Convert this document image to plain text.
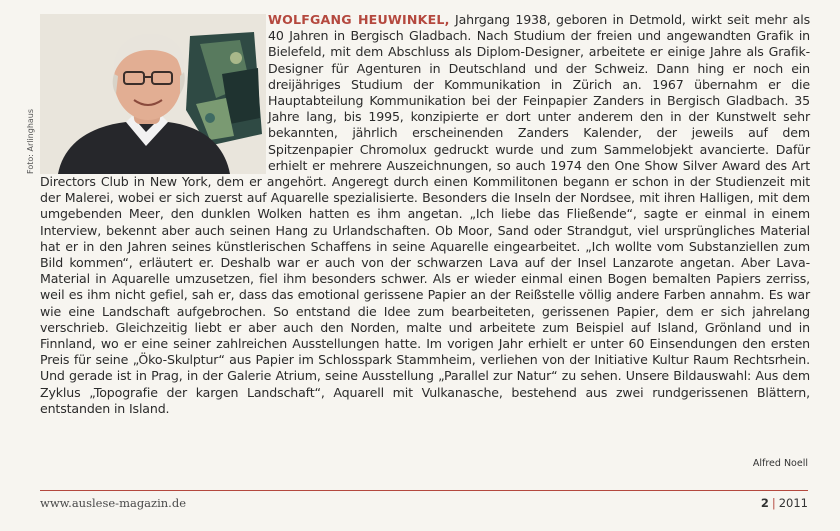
Foto: Arlinghaus

WOLFGANG HEUWINKEL, Jahrgang 1938, geboren in Detmold, wirkt seit mehr als 40 Jahren in Bergisch Gladbach. Nach Studium der freien und angewandten Grafik in Bielefeld, mit dem Abschluss als Diplom-Designer, arbeitete er einige Jahre als Grafik-Designer für Agenturen in Deutschland und der Schweiz. Dann hing er noch ein dreijähriges Studium der Kommunikation in Zürich an. 1967 übernahm er die Hauptabteilung Kommunikation bei der Feinpapier Zanders in Bergisch Gladbach. 35 Jahre lang, bis 1995, konzipierte er dort unter anderem den in der Kunstwelt sehr bekannten, jährlich erscheinenden Zanders Kalender, der jeweils auf dem Spitzenpapier Chromolux gedruckt wurde und zum Sammelobjekt avancierte. Dafür erhielt er mehrere Auszeichnungen, so auch 1974 den One Show Silver Award des Art Directors Club in New York, dem er angehört. Angeregt durch einen Kommilitonen begann er schon in der Studienzeit mit der Malerei, wobei er sich zuerst auf Aquarelle spezialisierte. Besonders die Inseln der Nordsee, mit ihren Halligen, mit dem umgebenden Meer, den dunklen Wolken hatten es ihm angetan. „Ich liebe das Fließende“, sagte er einmal in einem Interview, bekennt aber auch seinen Hang zu Urlandschaften. Ob Moor, Sand oder Strandgut, viel ursprüngliches Material hat er in den Jahren seines künstlerischen Schaffens in seine Aquarelle eingearbeitet. „Ich wollte vom Substanziellen zum Bild kommen“, erläutert er. Deshalb war er auch von der schwarzen Lava auf der Insel Lanzarote angetan. Aber Lava-Material in Aquarelle umzusetzen, fiel ihm besonders schwer. Als er wieder einmal einen Bogen bemalten Papiers zerriss, weil es ihm nicht gefiel, sah er, dass das emotional gerissene Papier an der Reißstelle völlig andere Farben annahm. Es war wie eine Landschaft aufgebrochen. So entstand die Idee zum bearbeiteten, gerissenen Papier, dem er sich jahrelang verschrieb. Gleichzeitig liebt er aber auch den Norden, malte und arbeitete zum Beispiel auf Island, Grönland und in Finnland, wo er eine seiner zahlreichen Ausstellungen hatte. Im vorigen Jahr erhielt er unter 60 Einsendungen den ersten Preis für seine „Öko-Skulptur“ aus Papier im Schlosspark Stammheim, verliehen von der Initiative Kultur Raum Rechtsrhein. Und gerade ist in Prag, in der Galerie Atrium, seine Ausstellung „Parallel zur Natur“ zu sehen. Unsere Bildauswahl: Aus dem Zyklus „Topografie der kargen Landschaft“, Aquarell mit Vulkanasche, bestehend aus zwei rundgerissenen Blättern, entstanden in Island.

Alfred Noell
www.auslese-magazin.de	2 | 2011
